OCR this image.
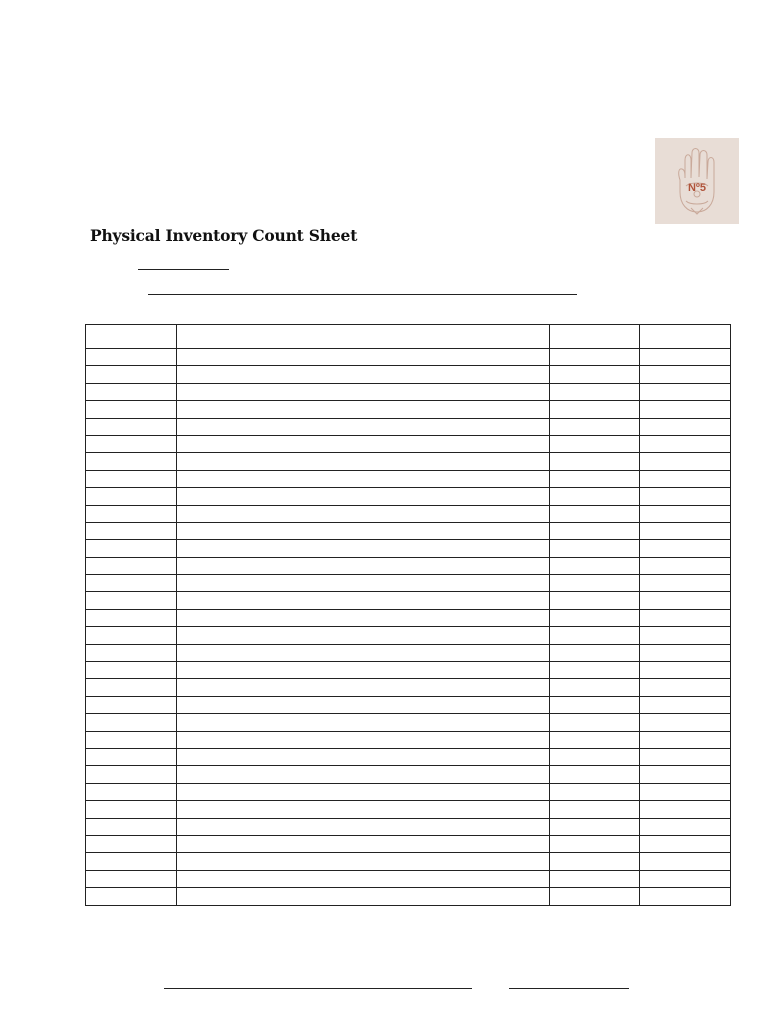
Nº5
Physical Inventory Count Sheet
